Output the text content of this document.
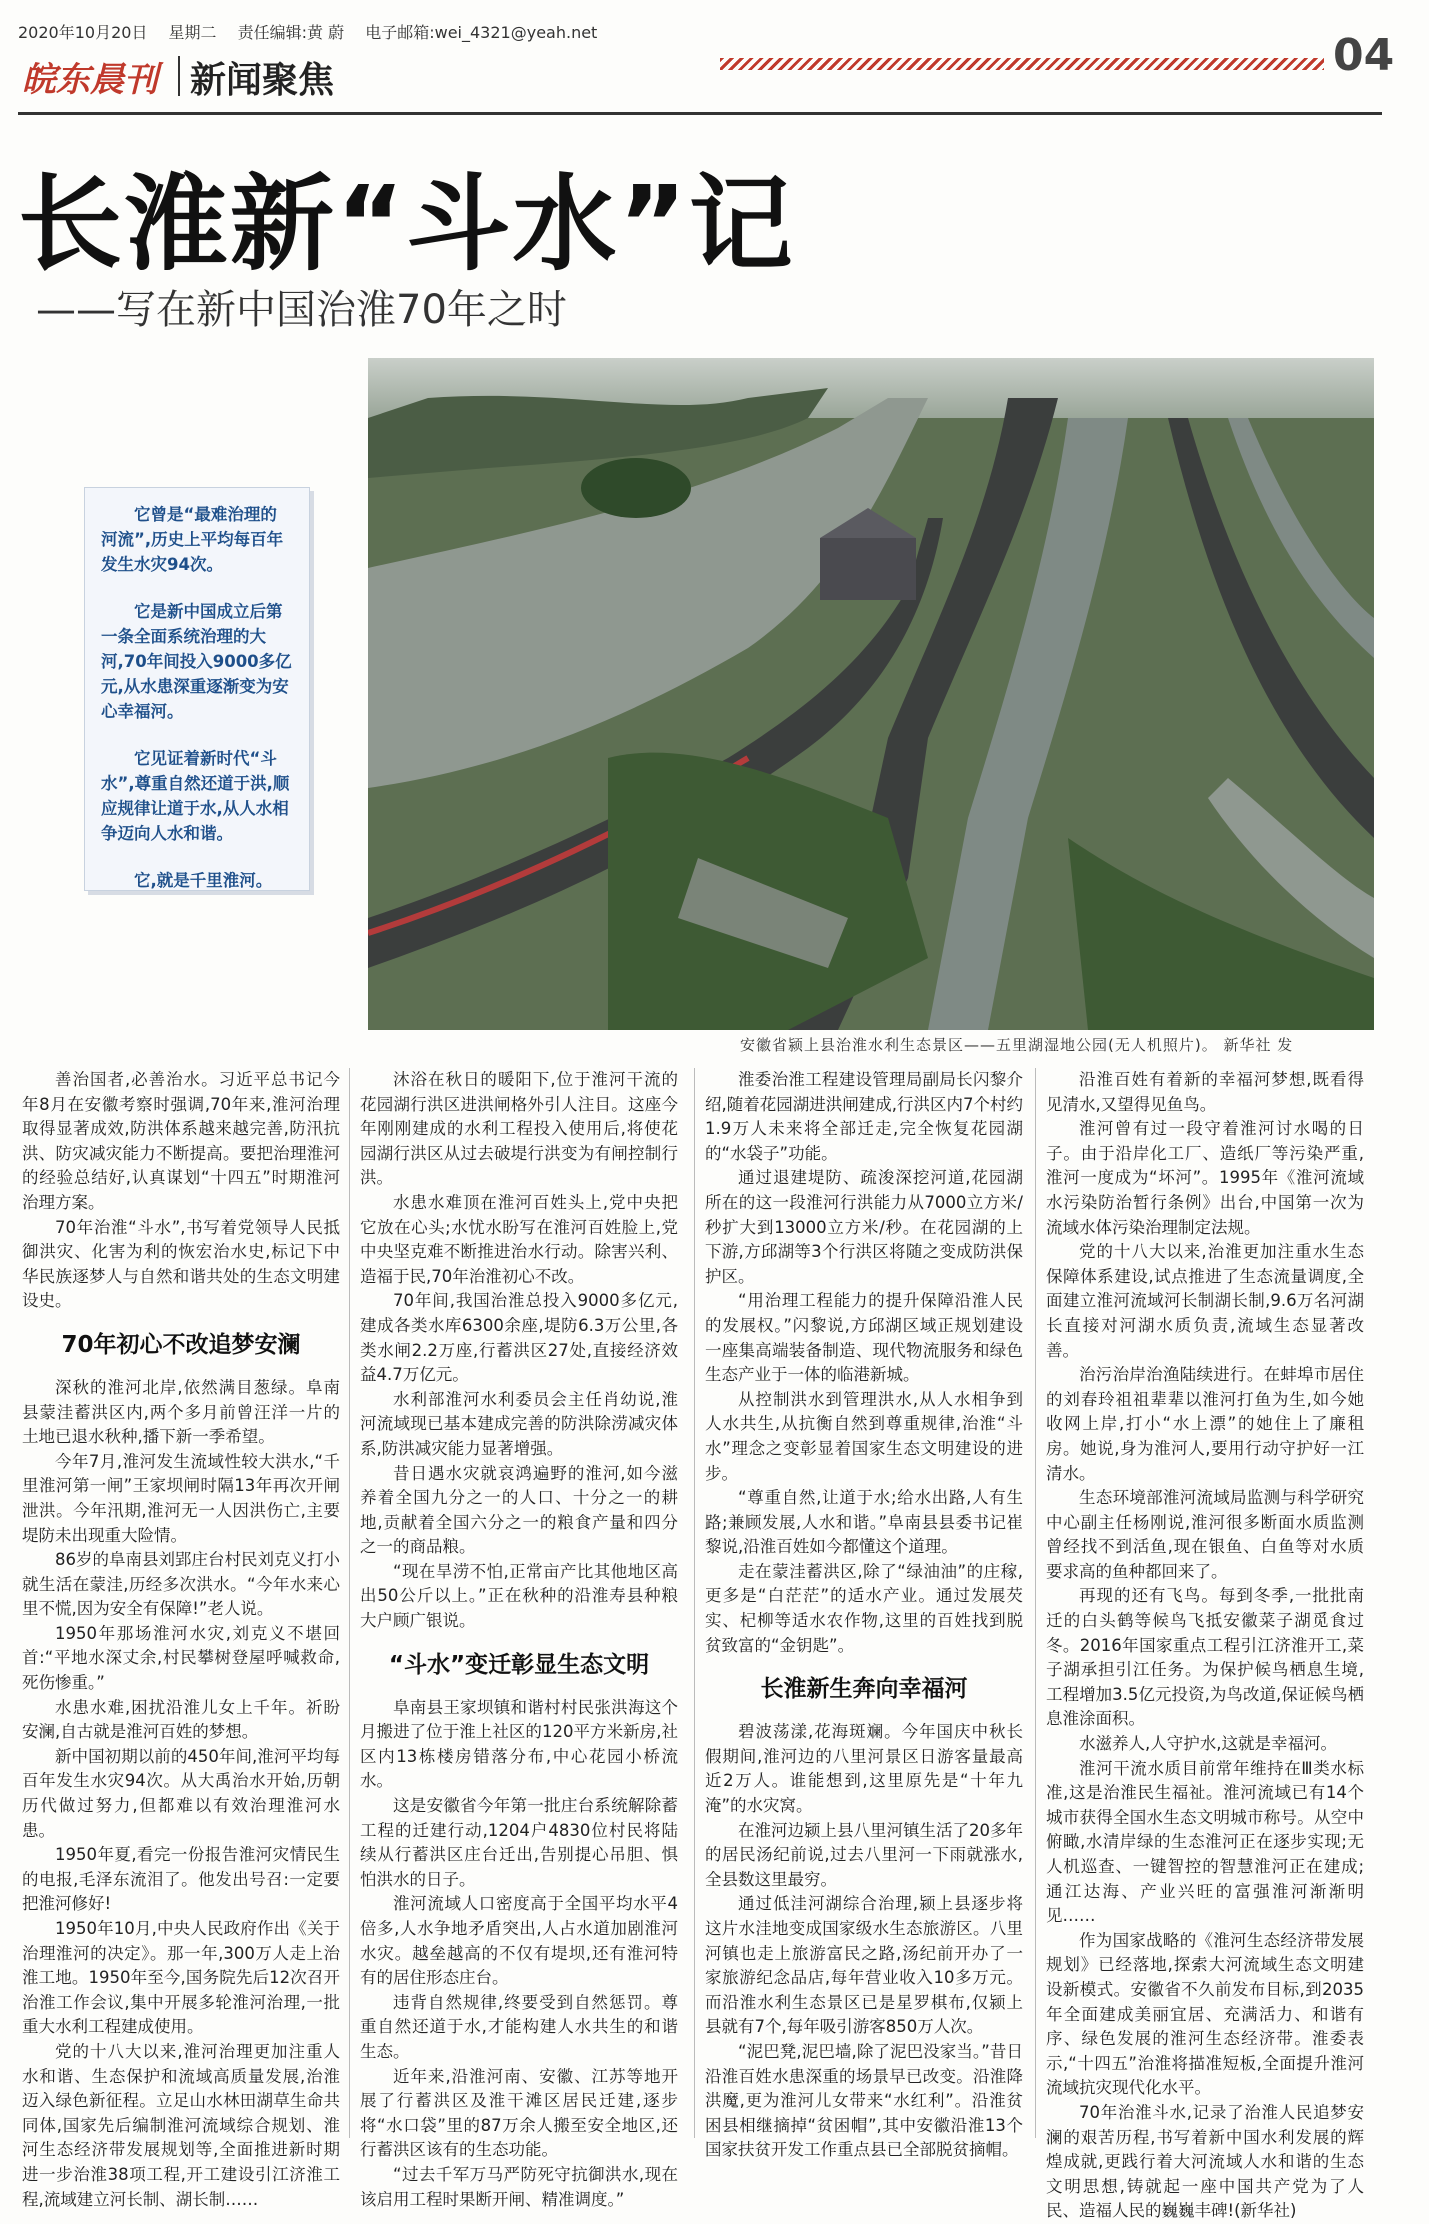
2020年10月20日 星期二 责任编辑:黄 蔚 电子邮箱:wei_4321@yeah.net
皖东晨刊 新闻聚焦	04
长淮新“斗水”记
——写在新中国治淮70年之时
安徽省颍上县治淮水利生态景区——五里湖湿地公园(无人机照片)。 新华社 发

它曾是“最难治理的河流”,历史上平均每百年发生水灾94次。

它是新中国成立后第一条全面系统治理的大河,70年间投入9000多亿元,从水患深重逐渐变为安心幸福河。

它见证着新时代“斗水”,尊重自然还道于洪,顺应规律让道于水,从人水相争迈向人水和谐。

它,就是千里淮河。

善治国者,必善治水。习近平总书记今年8月在安徽考察时强调,70年来,淮河治理取得显著成效,防洪体系越来越完善,防汛抗洪、防灾减灾能力不断提高。要把治理淮河的经验总结好,认真谋划“十四五”时期淮河治理方案。

70年治淮“斗水”,书写着党领导人民抵御洪灾、化害为利的恢宏治水史,标记下中华民族逐梦人与自然和谐共处的生态文明建设史。

70年初心不改追梦安澜

深秋的淮河北岸,依然满目葱绿。阜南县蒙洼蓄洪区内,两个多月前曾汪洋一片的土地已退水秋种,播下新一季希望。

今年7月,淮河发生流域性较大洪水,“千里淮河第一闸”王家坝闸时隔13年再次开闸泄洪。今年汛期,淮河无一人因洪伤亡,主要堤防未出现重大险情。

86岁的阜南县刘郢庄台村民刘克义打小就生活在蒙洼,历经多次洪水。“今年水来心里不慌,因为安全有保障!”老人说。

1950年那场淮河水灾,刘克义不堪回首:“平地水深丈余,村民攀树登屋呼喊救命,死伤惨重。”

水患水难,困扰沿淮儿女上千年。祈盼安澜,自古就是淮河百姓的梦想。

新中国初期以前的450年间,淮河平均每百年发生水灾94次。从大禹治水开始,历朝历代做过努力,但都难以有效治理淮河水患。

1950年夏,看完一份报告淮河灾情民生的电报,毛泽东流泪了。他发出号召:一定要把淮河修好!

1950年10月,中央人民政府作出《关于治理淮河的决定》。那一年,300万人走上治淮工地。1950年至今,国务院先后12次召开治淮工作会议,集中开展多轮淮河治理,一批重大水利工程建成使用。

党的十八大以来,淮河治理更加注重人水和谐、生态保护和流域高质量发展,治淮迈入绿色新征程。立足山水林田湖草生命共同体,国家先后编制淮河流域综合规划、淮河生态经济带发展规划等,全面推进新时期进一步治淮38项工程,开工建设引江济淮工程,流域建立河长制、湖长制……

沐浴在秋日的暖阳下,位于淮河干流的花园湖行洪区进洪闸格外引人注目。这座今年刚刚建成的水利工程投入使用后,将使花园湖行洪区从过去破堤行洪变为有闸控制行洪。

水患水难顶在淮河百姓头上,党中央把它放在心头;水忧水盼写在淮河百姓脸上,党中央坚克难不断推进治水行动。除害兴利、造福于民,70年治淮初心不改。

70年间,我国治淮总投入9000多亿元,建成各类水库6300余座,堤防6.3万公里,各类水闸2.2万座,行蓄洪区27处,直接经济效益4.7万亿元。

水利部淮河水利委员会主任肖幼说,淮河流域现已基本建成完善的防洪除涝减灾体系,防洪减灾能力显著增强。

昔日遇水灾就哀鸿遍野的淮河,如今滋养着全国九分之一的人口、十分之一的耕地,贡献着全国六分之一的粮食产量和四分之一的商品粮。

“现在旱涝不怕,正常亩产比其他地区高出50公斤以上。”正在秋种的沿淮寿县种粮大户顾广银说。

“斗水”变迁彰显生态文明

阜南县王家坝镇和谐村村民张洪海这个月搬进了位于淮上社区的120平方米新房,社区内13栋楼房错落分布,中心花园小桥流水。

这是安徽省今年第一批庄台系统解除蓄工程的迁建行动,1204户4830位村民将陆续从行蓄洪区庄台迁出,告别提心吊胆、惧怕洪水的日子。

淮河流域人口密度高于全国平均水平4倍多,人水争地矛盾突出,人占水道加剧淮河水灾。越垒越高的不仅有堤坝,还有淮河特有的居住形态庄台。

违背自然规律,终要受到自然惩罚。尊重自然还道于水,才能构建人水共生的和谐生态。

近年来,沿淮河南、安徽、江苏等地开展了行蓄洪区及淮干滩区居民迁建,逐步将“水口袋”里的87万余人搬至安全地区,还行蓄洪区该有的生态功能。

“过去千军万马严防死守抗御洪水,现在该启用工程时果断开闸、精准调度。”

淮委治淮工程建设管理局副局长闪黎介绍,随着花园湖进洪闸建成,行洪区内7个村约1.9万人未来将全部迁走,完全恢复花园湖的“水袋子”功能。

通过退建堤防、疏浚深挖河道,花园湖所在的这一段淮河行洪能力从7000立方米/秒扩大到13000立方米/秒。在花园湖的上下游,方邱湖等3个行洪区将随之变成防洪保护区。

“用治理工程能力的提升保障沿淮人民的发展权。”闪黎说,方邱湖区域正规划建设一座集高端装备制造、现代物流服务和绿色生态产业于一体的临港新城。

从控制洪水到管理洪水,从人水相争到人水共生,从抗衡自然到尊重规律,治淮“斗水”理念之变彰显着国家生态文明建设的进步。

“尊重自然,让道于水;给水出路,人有生路;兼顾发展,人水和谐。”阜南县县委书记崔黎说,沿淮百姓如今都懂这个道理。

走在蒙洼蓄洪区,除了“绿油油”的庄稼,更多是“白茫茫”的适水产业。通过发展芡实、杞柳等适水农作物,这里的百姓找到脱贫致富的“金钥匙”。

长淮新生奔向幸福河

碧波荡漾,花海斑斓。今年国庆中秋长假期间,淮河边的八里河景区日游客量最高近2万人。谁能想到,这里原先是“十年九淹”的水灾窝。

在淮河边颍上县八里河镇生活了20多年的居民汤纪前说,过去八里河一下雨就涨水,全县数这里最穷。

通过低洼河湖综合治理,颍上县逐步将这片水洼地变成国家级水生态旅游区。八里河镇也走上旅游富民之路,汤纪前开办了一家旅游纪念品店,每年营业收入10多万元。而沿淮水利生态景区已是星罗棋布,仅颍上县就有7个,每年吸引游客850万人次。

“泥巴凳,泥巴墙,除了泥巴没家当。”昔日沿淮百姓水患深重的场景早已改变。沿淮降洪魔,更为淮河儿女带来“水红利”。沿淮贫困县相继摘掉“贫困帽”,其中安徽沿淮13个国家扶贫开发工作重点县已全部脱贫摘帽。

沿淮百姓有着新的幸福河梦想,既看得见清水,又望得见鱼鸟。

淮河曾有过一段守着淮河讨水喝的日子。由于沿岸化工厂、造纸厂等污染严重,淮河一度成为“坏河”。1995年《淮河流域水污染防治暂行条例》出台,中国第一次为流域水体污染治理制定法规。

党的十八大以来,治淮更加注重水生态保障体系建设,试点推进了生态流量调度,全面建立淮河流域河长制湖长制,9.6万名河湖长直接对河湖水质负责,流域生态显著改善。

治污治岸治渔陆续进行。在蚌埠市居住的刘春玲祖祖辈辈以淮河打鱼为生,如今她收网上岸,打小“水上漂”的她住上了廉租房。她说,身为淮河人,要用行动守护好一江清水。

生态环境部淮河流域局监测与科学研究中心副主任杨刚说,淮河很多断面水质监测曾经找不到活鱼,现在银鱼、白鱼等对水质要求高的鱼种都回来了。

再现的还有飞鸟。每到冬季,一批批南迁的白头鹤等候鸟飞抵安徽菜子湖觅食过冬。2016年国家重点工程引江济淮开工,菜子湖承担引江任务。为保护候鸟栖息生境,工程增加3.5亿元投资,为鸟改道,保证候鸟栖息淮涂面积。

水滋养人,人守护水,这就是幸福河。

淮河干流水质目前常年维持在Ⅲ类水标准,这是治淮民生福祉。淮河流域已有14个城市获得全国水生态文明城市称号。从空中俯瞰,水清岸绿的生态淮河正在逐步实现;无人机巡查、一键智控的智慧淮河正在建成;通江达海、产业兴旺的富强淮河渐渐明见……

作为国家战略的《淮河生态经济带发展规划》已经落地,探索大河流域生态文明建设新模式。安徽省不久前发布目标,到2035年全面建成美丽宜居、充满活力、和谐有序、绿色发展的淮河生态经济带。淮委表示,“十四五”治淮将描准短板,全面提升淮河流域抗灾现代化水平。

70年治淮斗水,记录了治淮人民追梦安澜的艰苦历程,书写着新中国水利发展的辉煌成就,更践行着大河流域人水和谐的生态文明思想,铸就起一座中国共产党为了人民、造福人民的巍巍丰碑!(新华社)
